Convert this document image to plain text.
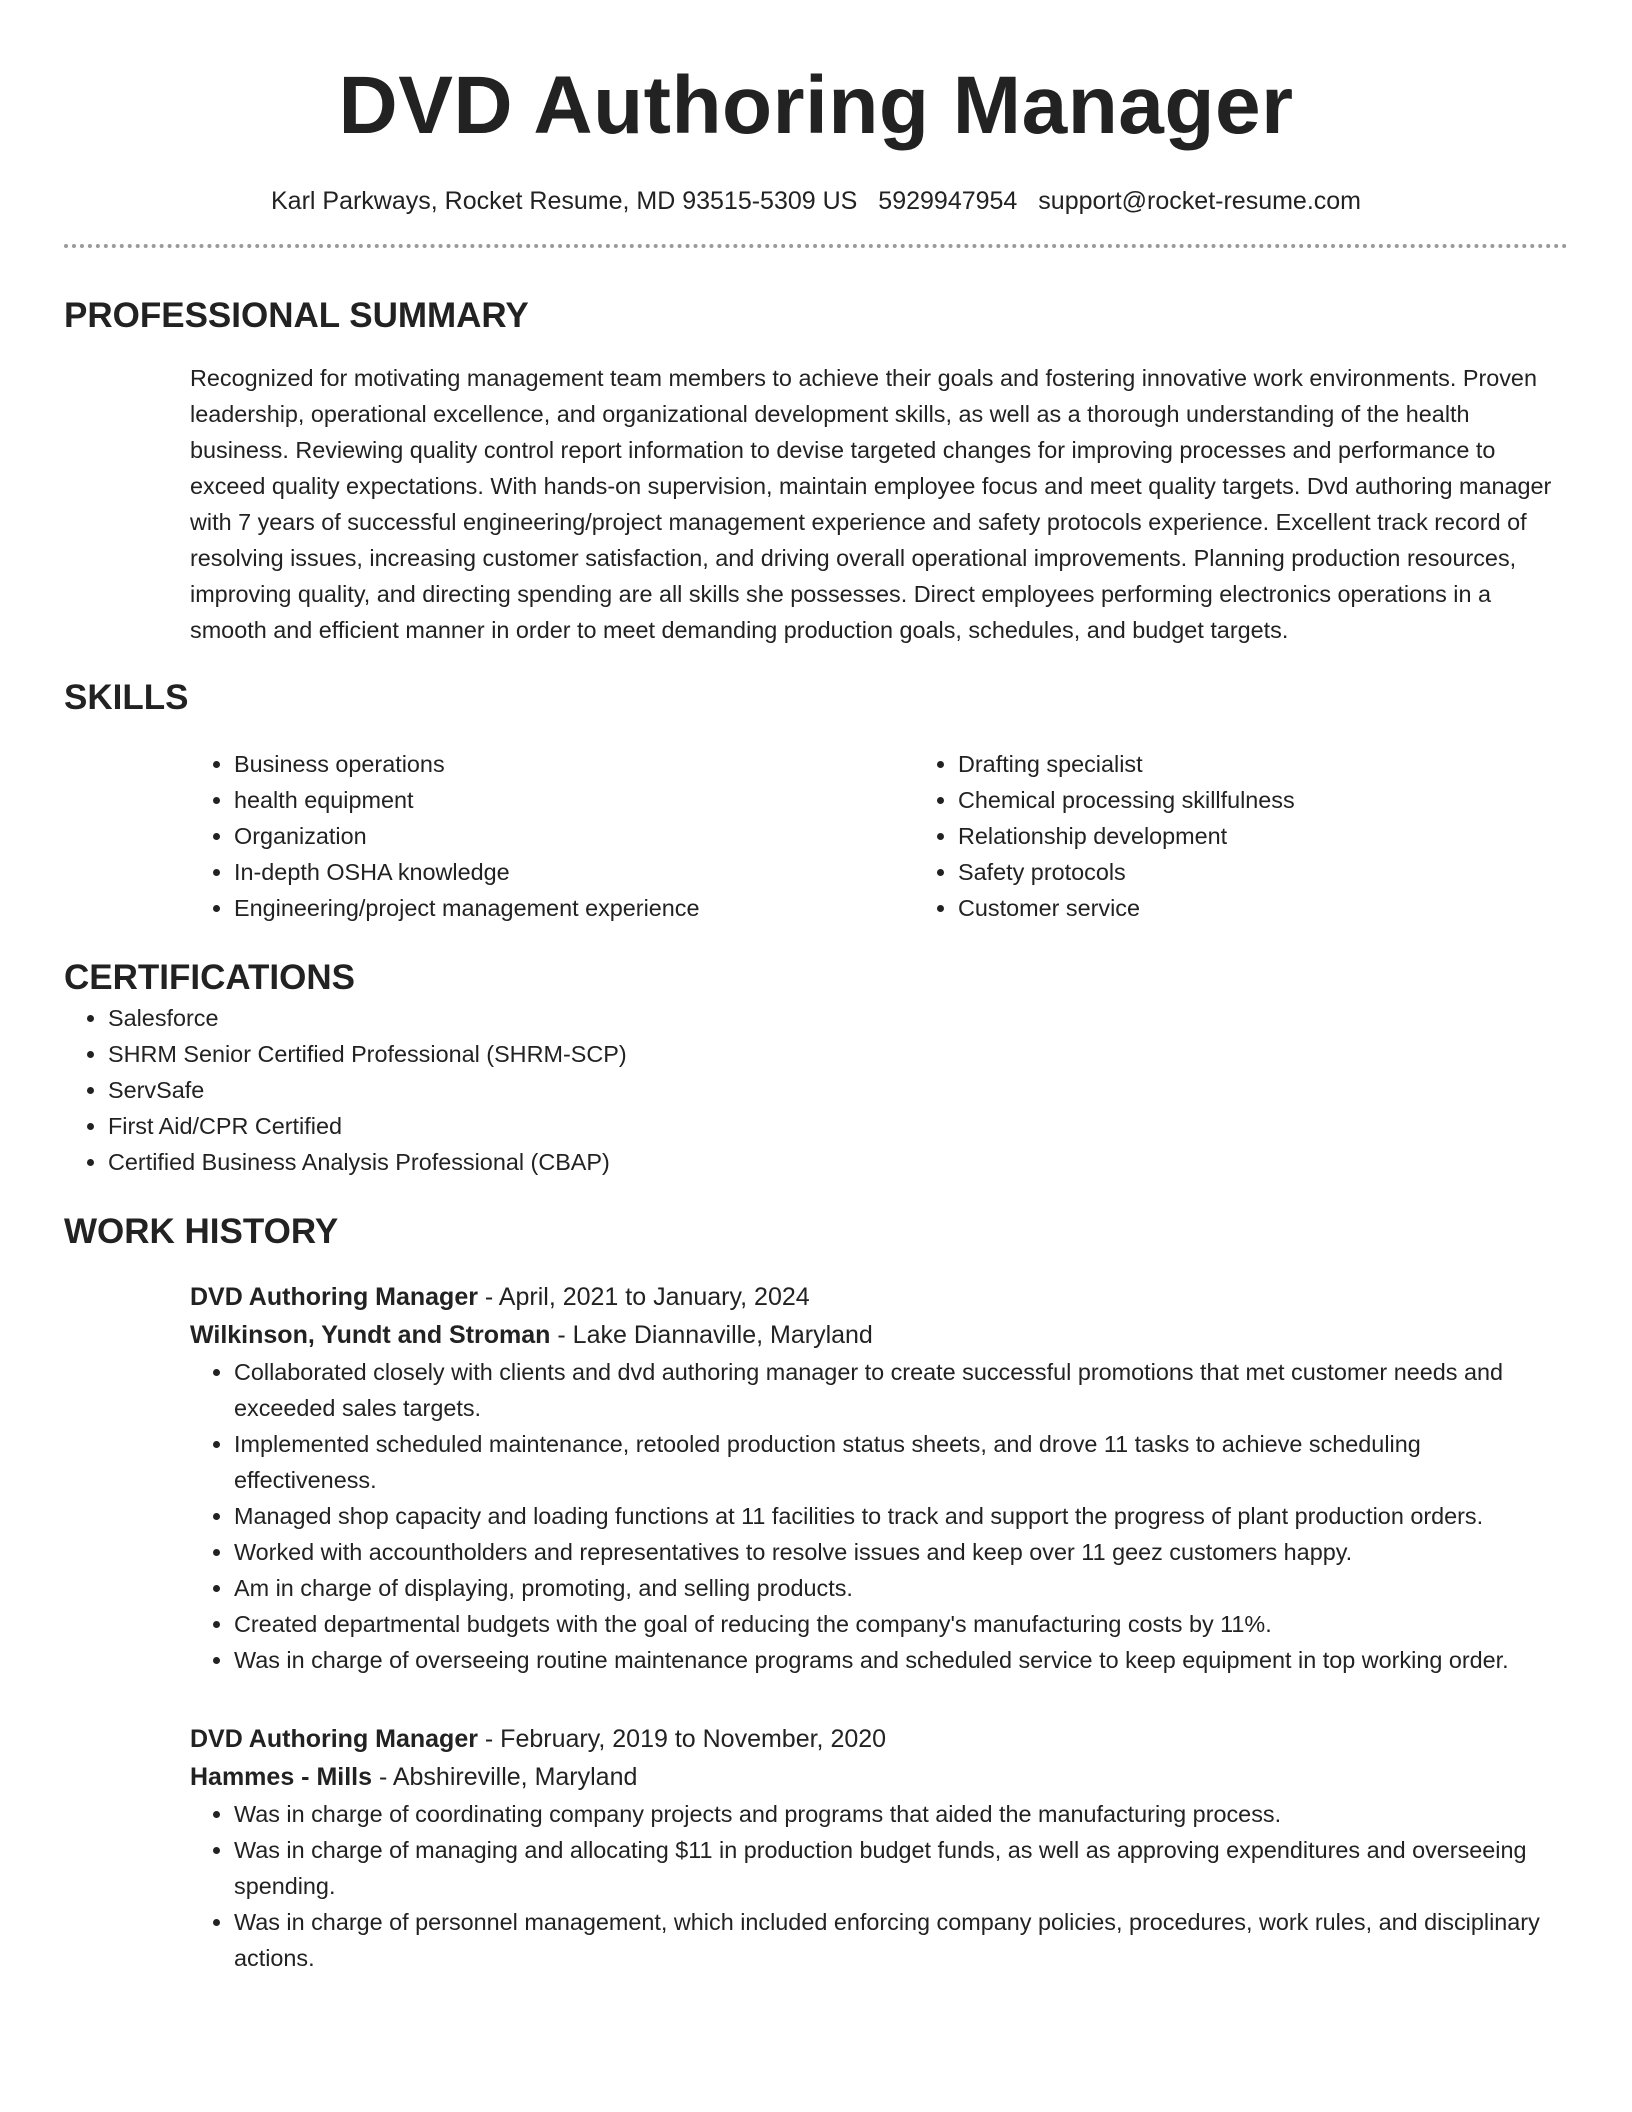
DVD Authoring Manager
Karl Parkways, Rocket Resume, MD 93515-5309 US 5929947954 support@rocket-resume.com
PROFESSIONAL SUMMARY

Recognized for motivating management team members to achieve their goals and fostering innovative work environments. Proven leadership, operational excellence, and organizational development skills, as well as a thorough understanding of the health business. Reviewing quality control report information to devise targeted changes for improving processes and performance to exceed quality expectations. With hands-on supervision, maintain employee focus and meet quality targets. Dvd authoring manager with 7 years of successful engineering/project management experience and safety protocols experience. Excellent track record of resolving issues, increasing customer satisfaction, and driving overall operational improvements. Planning production resources, improving quality, and directing spending are all skills she possesses. Direct employees performing electronics operations in a smooth and efficient manner in order to meet demanding production goals, schedules, and budget targets.

SKILLS
• Business operations
• health equipment
• Organization
• In-depth OSHA knowledge
• Engineering/project management experience
• Drafting specialist
• Chemical processing skillfulness
• Relationship development
• Safety protocols
• Customer service
CERTIFICATIONS
• Salesforce
• SHRM Senior Certified Professional (SHRM-SCP)
• ServSafe
• First Aid/CPR Certified
• Certified Business Analysis Professional (CBAP)
WORK HISTORY
DVD Authoring Manager - April, 2021 to January, 2024
Wilkinson, Yundt and Stroman - Lake Diannaville, Maryland
• Collaborated closely with clients and dvd authoring manager to create successful promotions that met customer needs and exceeded sales targets.
• Implemented scheduled maintenance, retooled production status sheets, and drove 11 tasks to achieve scheduling effectiveness.
• Managed shop capacity and loading functions at 11 facilities to track and support the progress of plant production orders.
• Worked with accountholders and representatives to resolve issues and keep over 11 geez customers happy.
• Am in charge of displaying, promoting, and selling products.
• Created departmental budgets with the goal of reducing the company's manufacturing costs by 11%.
• Was in charge of overseeing routine maintenance programs and scheduled service to keep equipment in top working order.
DVD Authoring Manager - February, 2019 to November, 2020
Hammes - Mills - Abshireville, Maryland
• Was in charge of coordinating company projects and programs that aided the manufacturing process.
• Was in charge of managing and allocating $11 in production budget funds, as well as approving expenditures and overseeing spending.
• Was in charge of personnel management, which included enforcing company policies, procedures, work rules, and disciplinary actions.
